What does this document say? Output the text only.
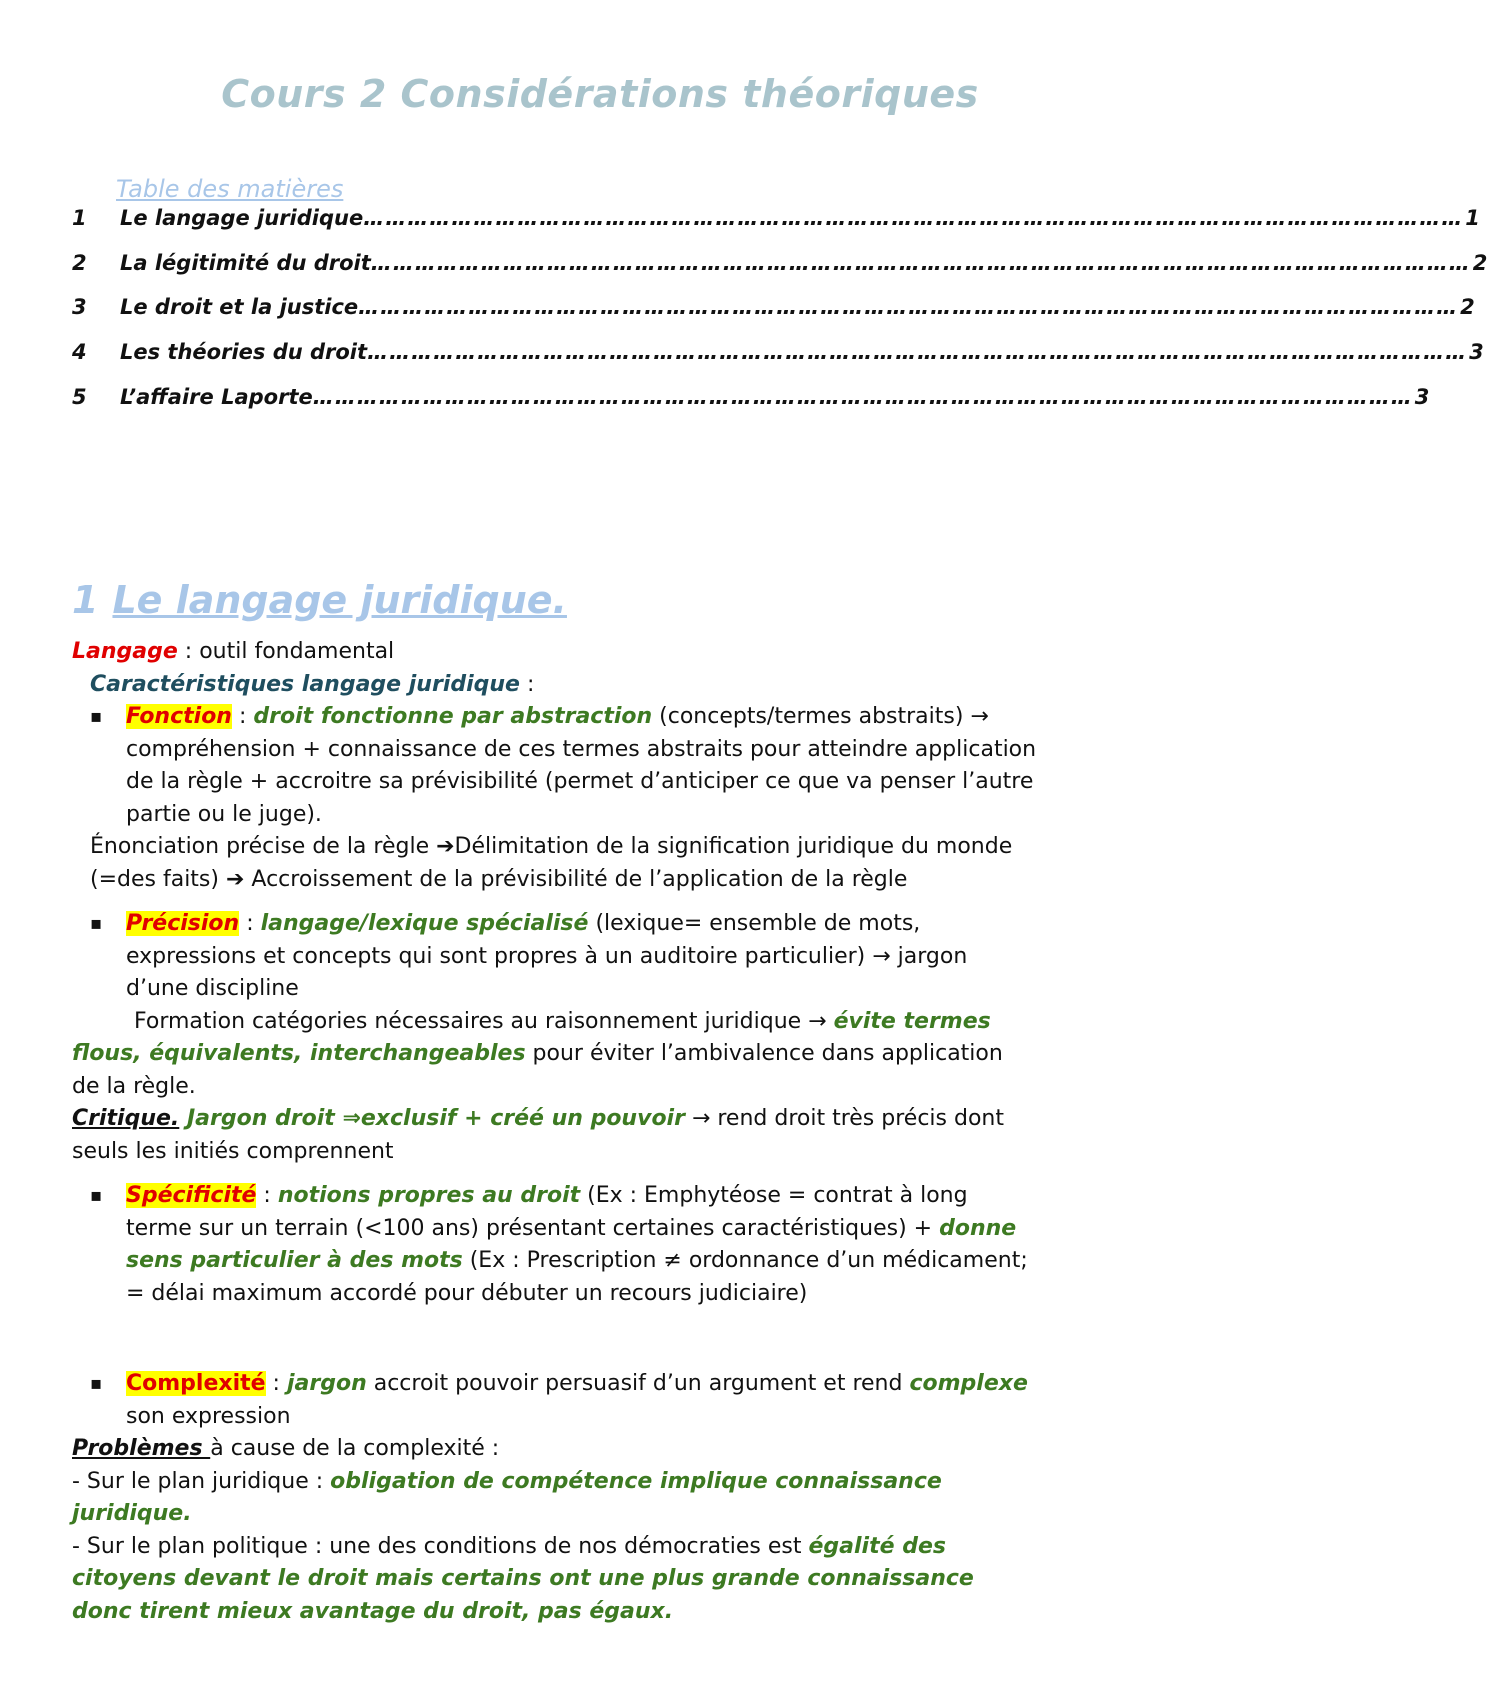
Cours 2 Considérations théoriques
Table des matières
1	Le langage juridique …………………………………………………………………………………………………………………………………… 1
2	La légitimité du droit …………………………………………………………………………………………………………………………………… 2
3	Le droit et la justice …………………………………………………………………………………………………………………………………… 2
4	Les théories du droit …………………………………………………………………………………………………………………………………… 3
5	L’affaire Laporte …………………………………………………………………………………………………………………………………… 3
1 Le langage juridique.
Langage : outil fondamental
Caractéristiques langage juridique :
▪ Fonction : droit fonctionne par abstraction (concepts/termes abstraits) →
compréhension + connaissance de ces termes abstraits pour atteindre application
de la règle + accroitre sa prévisibilité (permet d’anticiper ce que va penser l’autre
partie ou le juge).
Énonciation précise de la règle ➔Délimitation de la signification juridique du monde
(=des faits) ➔ Accroissement de la prévisibilité de l’application de la règle
▪ Précision : langage/lexique spécialisé (lexique= ensemble de mots,
expressions et concepts qui sont propres à un auditoire particulier) → jargon
d’une discipline
Formation catégories nécessaires au raisonnement juridique → évite termes
flous, équivalents, interchangeables pour éviter l’ambivalence dans application
de la règle.
Critique. Jargon droit ⇒exclusif + créé un pouvoir → rend droit très précis dont
seuls les initiés comprennent
▪ Spécificité : notions propres au droit (Ex : Emphytéose = contrat à long
terme sur un terrain (<100 ans) présentant certaines caractéristiques) + donne
sens particulier à des mots (Ex : Prescription ≠ ordonnance d’un médicament;
= délai maximum accordé pour débuter un recours judiciaire)
▪ Complexité : jargon accroit pouvoir persuasif d’un argument et rend complexe
son expression
Problèmes à cause de la complexité :
- Sur le plan juridique : obligation de compétence implique connaissance
juridique.
- Sur le plan politique : une des conditions de nos démocraties est égalité des
citoyens devant le droit mais certains ont une plus grande connaissance
donc tirent mieux avantage du droit, pas égaux.
